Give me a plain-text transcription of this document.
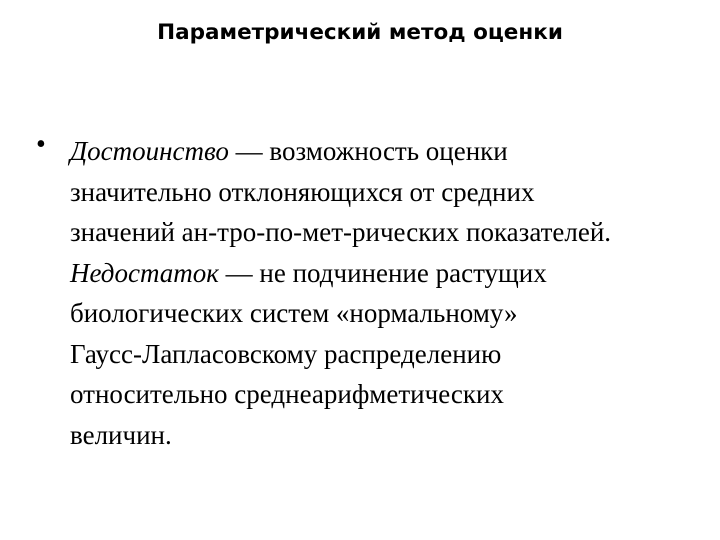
Параметрический метод оценки
• Достоинство — возможность оценки
значительно отклоняющихся от средних
значений ан-тро-по-мет-рических показателей.
Недостаток — не подчинение растущих
биологических систем «нормальному»
Гаусс-Лапласовскому распределению
относительно среднеарифметических
величин.
